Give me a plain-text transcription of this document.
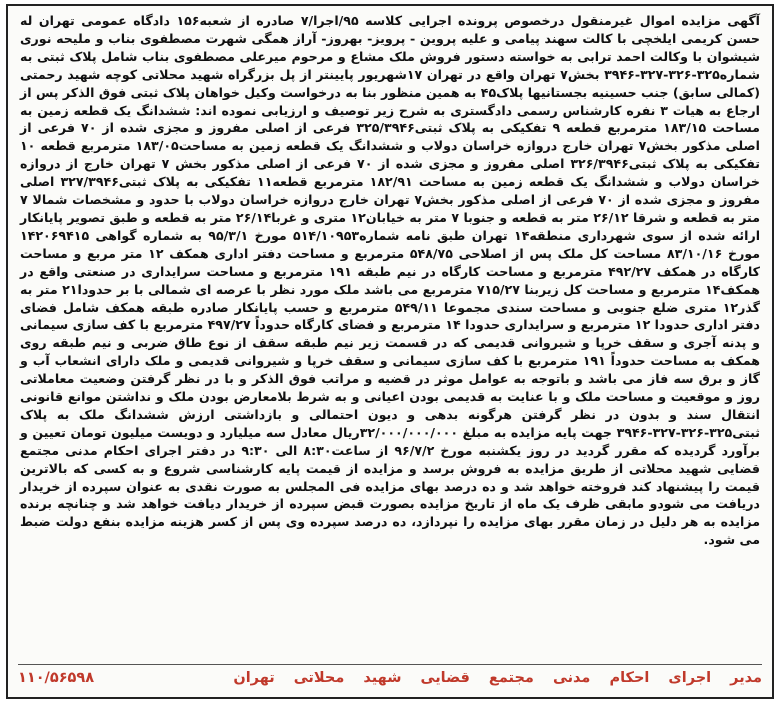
آگهی مزایده اموال غیرمنقول درخصوص پرونده اجرایی کلاسه ۹۵/اجرا/۷ صادره از شعبه۱۵۶ دادگاه عمومی تهران له حسن کریمی ایلخچی با کالت سهند پیامی و علیه پروین - پرویز- بهروز- آراز همگی شهرت مصطفوی بناب و ملیحه نوری شیشوان با وکالت احمد ترابی به خواسته دستور فروش ملک مشاع و مرحوم میرعلی مصطفوی بناب شامل پلاک ثبتی به شماره۳۲۵-۳۲۶-۳۲۷-۳۹۴۶ بخش۷ تهران واقع در تهران ۱۷شهریور پایینتر از پل بزرگراه شهید محلاتی کوچه شهید رحمتی (کمالی سابق) جنب حسینیه بجستانیها پلاک۴۵ به همین منظور بنا به درخواست وکیل خواهان پلاک ثبتی فوق الذکر پس از ارجاع به هیات ۳ نفره کارشناس رسمی دادگستری به شرح زیر توصیف و ارزیابی نموده اند: ششدانگ یک قطعه زمین به مساحت ۱۸۳/۱۵ مترمربع قطعه ۹ تفکیکی به پلاک ثبتی۳۲۵/۳۹۴۶ فرعی از اصلی مفروز و مجزی شده از ۷۰ فرعی از اصلی مذکور بخش۷ تهران خارج دروازه خراسان دولاب و ششدانگ یک قطعه زمین به مساحت۱۸۳/۰۵ مترمربع قطعه ۱۰ تفکیکی به پلاک ثبتی۳۲۶/۳۹۴۶ اصلی مفروز و مجزی شده از ۷۰ فرعی از اصلی مذکور بخش ۷ تهران خارج از دروازه خراسان دولاب و ششدانگ یک قطعه زمین به مساحت ۱۸۲/۹۱ مترمربع قطعه۱۱ تفکیکی به پلاک ثبتی۳۲۷/۳۹۴۶ اصلی مفروز و مجزی شده از ۷۰ فرعی از اصلی مذکور بخش۷ تهران خارج دروازه خراسان دولاب با حدود و مشخصات شمالا ۷ متر به قطعه و شرقا ۲۶/۱۲ متر به قطعه و جنوبا ۷ متر به خیابان۱۲ متری و غربا۲۶/۱۴ متر به قطعه و طبق تصویر پایانکار ارائه شده از سوی شهرداری منطقه۱۴ تهران طبق نامه شماره۵۱۴/۱۰۹۵۳ مورخ ۹۵/۳/۱ به شماره گواهی ۱۴۲۰۶۹۴۱۵ مورخ ۸۳/۱۰/۱۶ مساحت کل ملک پس از اصلاحی ۵۴۸/۷۵ مترمربع و مساحت دفتر اداری همکف ۱۲ متر مربع و مساحت کارگاه در همکف ۴۹۲/۲۷ مترمربع و مساحت کارگاه در نیم طبقه ۱۹۱ مترمربع و مساحت سرایداری در صنعتی واقع در همکف۱۴ مترمربع و مساحت کل زیربنا ۷۱۵/۲۷ مترمربع می باشد ملک مورد نظر با عرصه ای شمالی با بر حدودا۲۱ متر به گذر۱۲ متری ضلع جنوبی و مساحت سندی مجموعا ۵۴۹/۱۱ مترمربع و حسب پایانکار صادره طبقه همکف شامل فضای دفتر اداری حدودا ۱۲ مترمربع و سرایداری حدودا ۱۴ مترمربع و فضای کارگاه حدوداً ۴۹۷/۲۷ مترمربع با کف سازی سیمانی و پدنه آجری و سقف خرپا و شیروانی قدیمی که در قسمت زیر نیم طبقه سقف از نوع طاق ضربی و نیم طبقه روی همکف به مساحت حدوداً ۱۹۱ مترمربع با کف سازی سیمانی و سقف خرپا و شیروانی قدیمی و ملک دارای انشعاب آب و گاز و برق سه فاز می باشد و باتوجه به عوامل موثر در قضیه و مراتب فوق الذکر و با در نظر گرفتن وضعیت معاملاتی روز و موقعیت و مساحت ملک و با عنایت به قدیمی بودن اعیانی و به شرط بلامعارض بودن ملک و نداشتن موانع قانونی انتقال سند و بدون در نظر گرفتن هرگونه بدهی و دیون احتمالی و بازداشتی ارزش ششدانگ ملک به پلاک ثبتی۳۲۵-۳۲۶-۳۲۷-۳۹۴۶ جهت پایه مزایده به مبلغ ۳۲/۰۰۰/۰۰۰/۰۰۰ریال معادل سه میلیارد و دویست میلیون تومان تعیین و برآورد گردیده که مقرر گردید در روز یکشنبه مورخ ۹۶/۷/۲ از ساعت۸:۳۰ الی ۹:۳۰ در دفتر اجرای احکام مدنی مجتمع قضایی شهید محلاتی از طریق مزایده به فروش برسد و مزایده از قیمت پایه کارشناسی شروع و به کسی که بالاترین قیمت را پیشنهاد کند فروخته خواهد شد و ده درصد بهای مزایده فی المجلس به صورت نقدی به عنوان سپرده از خریدار دریافت می شودو مابقی ظرف یک ماه از تاریخ مزایده بصورت قبض سپرده از خریدار دیافت خواهد شد و چنانچه برنده مزایده به هر دلیل در زمان مقرر بهای مزایده را نپردازد، ده درصد سپرده وی پس از کسر هزینه مزایده بنفع دولت ضبط می شود.

مدیر اجرای احکام مدنی مجتمع قضایی شهید محلاتی تهران
۱۱۰/۵۶۵۹۸
